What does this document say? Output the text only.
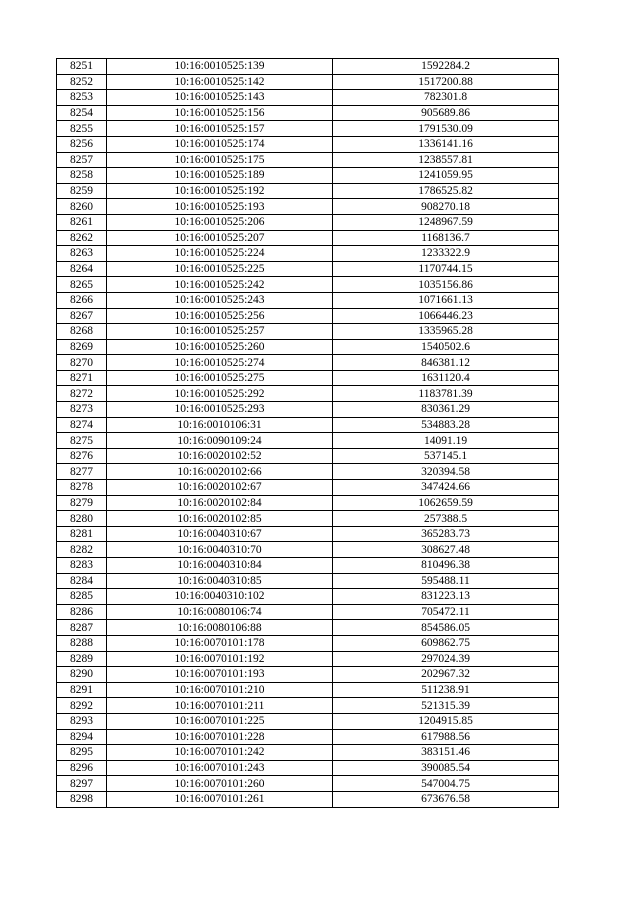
8251	10:16:0010525:139	1592284.2
8252	10:16:0010525:142	1517200.88
8253	10:16:0010525:143	782301.8
8254	10:16:0010525:156	905689.86
8255	10:16:0010525:157	1791530.09
8256	10:16:0010525:174	1336141.16
8257	10:16:0010525:175	1238557.81
8258	10:16:0010525:189	1241059.95
8259	10:16:0010525:192	1786525.82
8260	10:16:0010525:193	908270.18
8261	10:16:0010525:206	1248967.59
8262	10:16:0010525:207	1168136.7
8263	10:16:0010525:224	1233322.9
8264	10:16:0010525:225	1170744.15
8265	10:16:0010525:242	1035156.86
8266	10:16:0010525:243	1071661.13
8267	10:16:0010525:256	1066446.23
8268	10:16:0010525:257	1335965.28
8269	10:16:0010525:260	1540502.6
8270	10:16:0010525:274	846381.12
8271	10:16:0010525:275	1631120.4
8272	10:16:0010525:292	1183781.39
8273	10:16:0010525:293	830361.29
8274	10:16:0010106:31	534883.28
8275	10:16:0090109:24	14091.19
8276	10:16:0020102:52	537145.1
8277	10:16:0020102:66	320394.58
8278	10:16:0020102:67	347424.66
8279	10:16:0020102:84	1062659.59
8280	10:16:0020102:85	257388.5
8281	10:16:0040310:67	365283.73
8282	10:16:0040310:70	308627.48
8283	10:16:0040310:84	810496.38
8284	10:16:0040310:85	595488.11
8285	10:16:0040310:102	831223.13
8286	10:16:0080106:74	705472.11
8287	10:16:0080106:88	854586.05
8288	10:16:0070101:178	609862.75
8289	10:16:0070101:192	297024.39
8290	10:16:0070101:193	202967.32
8291	10:16:0070101:210	511238.91
8292	10:16:0070101:211	521315.39
8293	10:16:0070101:225	1204915.85
8294	10:16:0070101:228	617988.56
8295	10:16:0070101:242	383151.46
8296	10:16:0070101:243	390085.54
8297	10:16:0070101:260	547004.75
8298	10:16:0070101:261	673676.58
